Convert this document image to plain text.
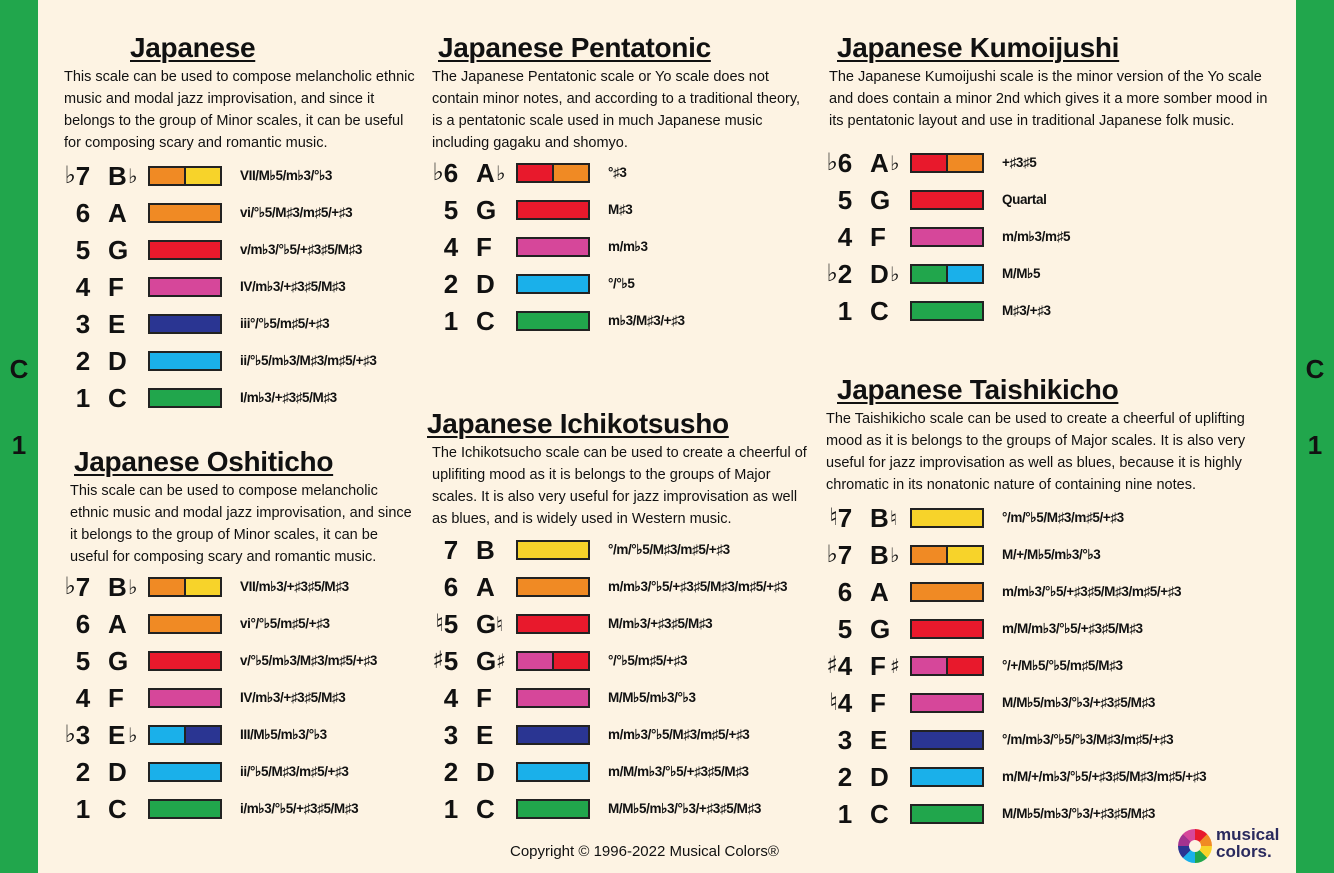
C
1
C
1
Japanese
This scale can be used to compose melancholic ethnic music and modal jazz improvisation, and since it belongs to the group of Minor scales, it can be useful for composing scary and romantic music.
♭ 7 B ♭	VII/M♭5/m♭3/°♭3
6 A	vi/°♭5/M♯3/m♯5/+♯3
5 G	v/m♭3/°♭5/+♯3♯5/M♯3
4 F	IV/m♭3/+♯3♯5/M♯3
3 E	iii°/°♭5/m♯5/+♯3
2 D	ii/°♭5/m♭3/M♯3/m♯5/+♯3
1 C	I/m♭3/+♯3♯5/M♯3
Japanese Oshiticho
This scale can be used to compose melancholic ethnic music and modal jazz improvisation, and since it belongs to the group of Minor scales, it can be useful for composing scary and romantic music.
♭ 7 B ♭	VII/m♭3/+♯3♯5/M♯3
6 A	vi°/°♭5/m♯5/+♯3
5 G	v/°♭5/m♭3/M♯3/m♯5/+♯3
4 F	IV/m♭3/+♯3♯5/M♯3
♭ 3 E ♭	III/M♭5/m♭3/°♭3
2 D	ii/°♭5/M♯3/m♯5/+♯3
1 C	i/m♭3/°♭5/+♯3♯5/M♯3
Japanese Pentatonic
The Japanese Pentatonic scale or Yo scale does not contain minor notes, and according to a traditional theory, is a pentatonic scale used in much Japanese music including gagaku and shomyo.
♭ 6 A ♭	°♯3
5 G	M♯3
4 F	m/m♭3
2 D	°/°♭5
1 C	m♭3/M♯3/+♯3
Japanese Ichikotsusho
The Ichikotsucho scale can be used to create a cheerful of uplifiting mood as it is belongs to the groups of Major scales. It is also very useful for jazz improvisation as well as blues, and is widely used in Western music.
7 B	°/m/°♭5/M♯3/m♯5/+♯3
6 A	m/m♭3/°♭5/+♯3♯5/M♯3/m♯5/+♯3
♮ 5 G ♮	M/m♭3/+♯3♯5/M♯3
♯ 5 G ♯	°/°♭5/m♯5/+♯3
4 F	M/M♭5/m♭3/°♭3
3 E	m/m♭3/°♭5/M♯3/m♯5/+♯3
2 D	m/M/m♭3/°♭5/+♯3♯5/M♯3
1 C	M/M♭5/m♭3/°♭3/+♯3♯5/M♯3
Japanese Kumoijushi
The Japanese Kumoijushi scale is the minor version of the Yo scale and does contain a minor 2nd which gives it a more somber mood in its pentatonic layout and use in traditional Japanese folk music.
♭ 6 A ♭	+♯3♯5
5 G	Quartal
4 F	m/m♭3/m♯5
♭ 2 D ♭	M/M♭5
1 C	M♯3/+♯3
Japanese Taishikicho
The Taishikicho scale can be used to create a cheerful of uplifting mood as it is belongs to the groups of Major scales. It is also very useful for jazz improvisation as well as blues, because it is highly chromatic in its nonatonic nature of containing nine notes.
♮ 7 B ♮	°/m/°♭5/M♯3/m♯5/+♯3
♭ 7 B ♭	M/+/M♭5/m♭3/°♭3
6 A	m/m♭3/°♭5/+♯3♯5/M♯3/m♯5/+♯3
5 G	m/M/m♭3/°♭5/+♯3♯5/M♯3
♯ 4 F ♯	°/+/M♭5/°♭5/m♯5/M♯3
♮ 4 F	M/M♭5/m♭3/°♭3/+♯3♯5/M♯3
3 E	°/m/m♭3/°♭5/°♭3/M♯3/m♯5/+♯3
2 D	m/M/+/m♭3/°♭5/+♯3♯5/M♯3/m♯5/+♯3
1 C	M/M♭5/m♭3/°♭3/+♯3♯5/M♯3
Copyright © 1996-2022 Musical Colors®
musical
colors.
